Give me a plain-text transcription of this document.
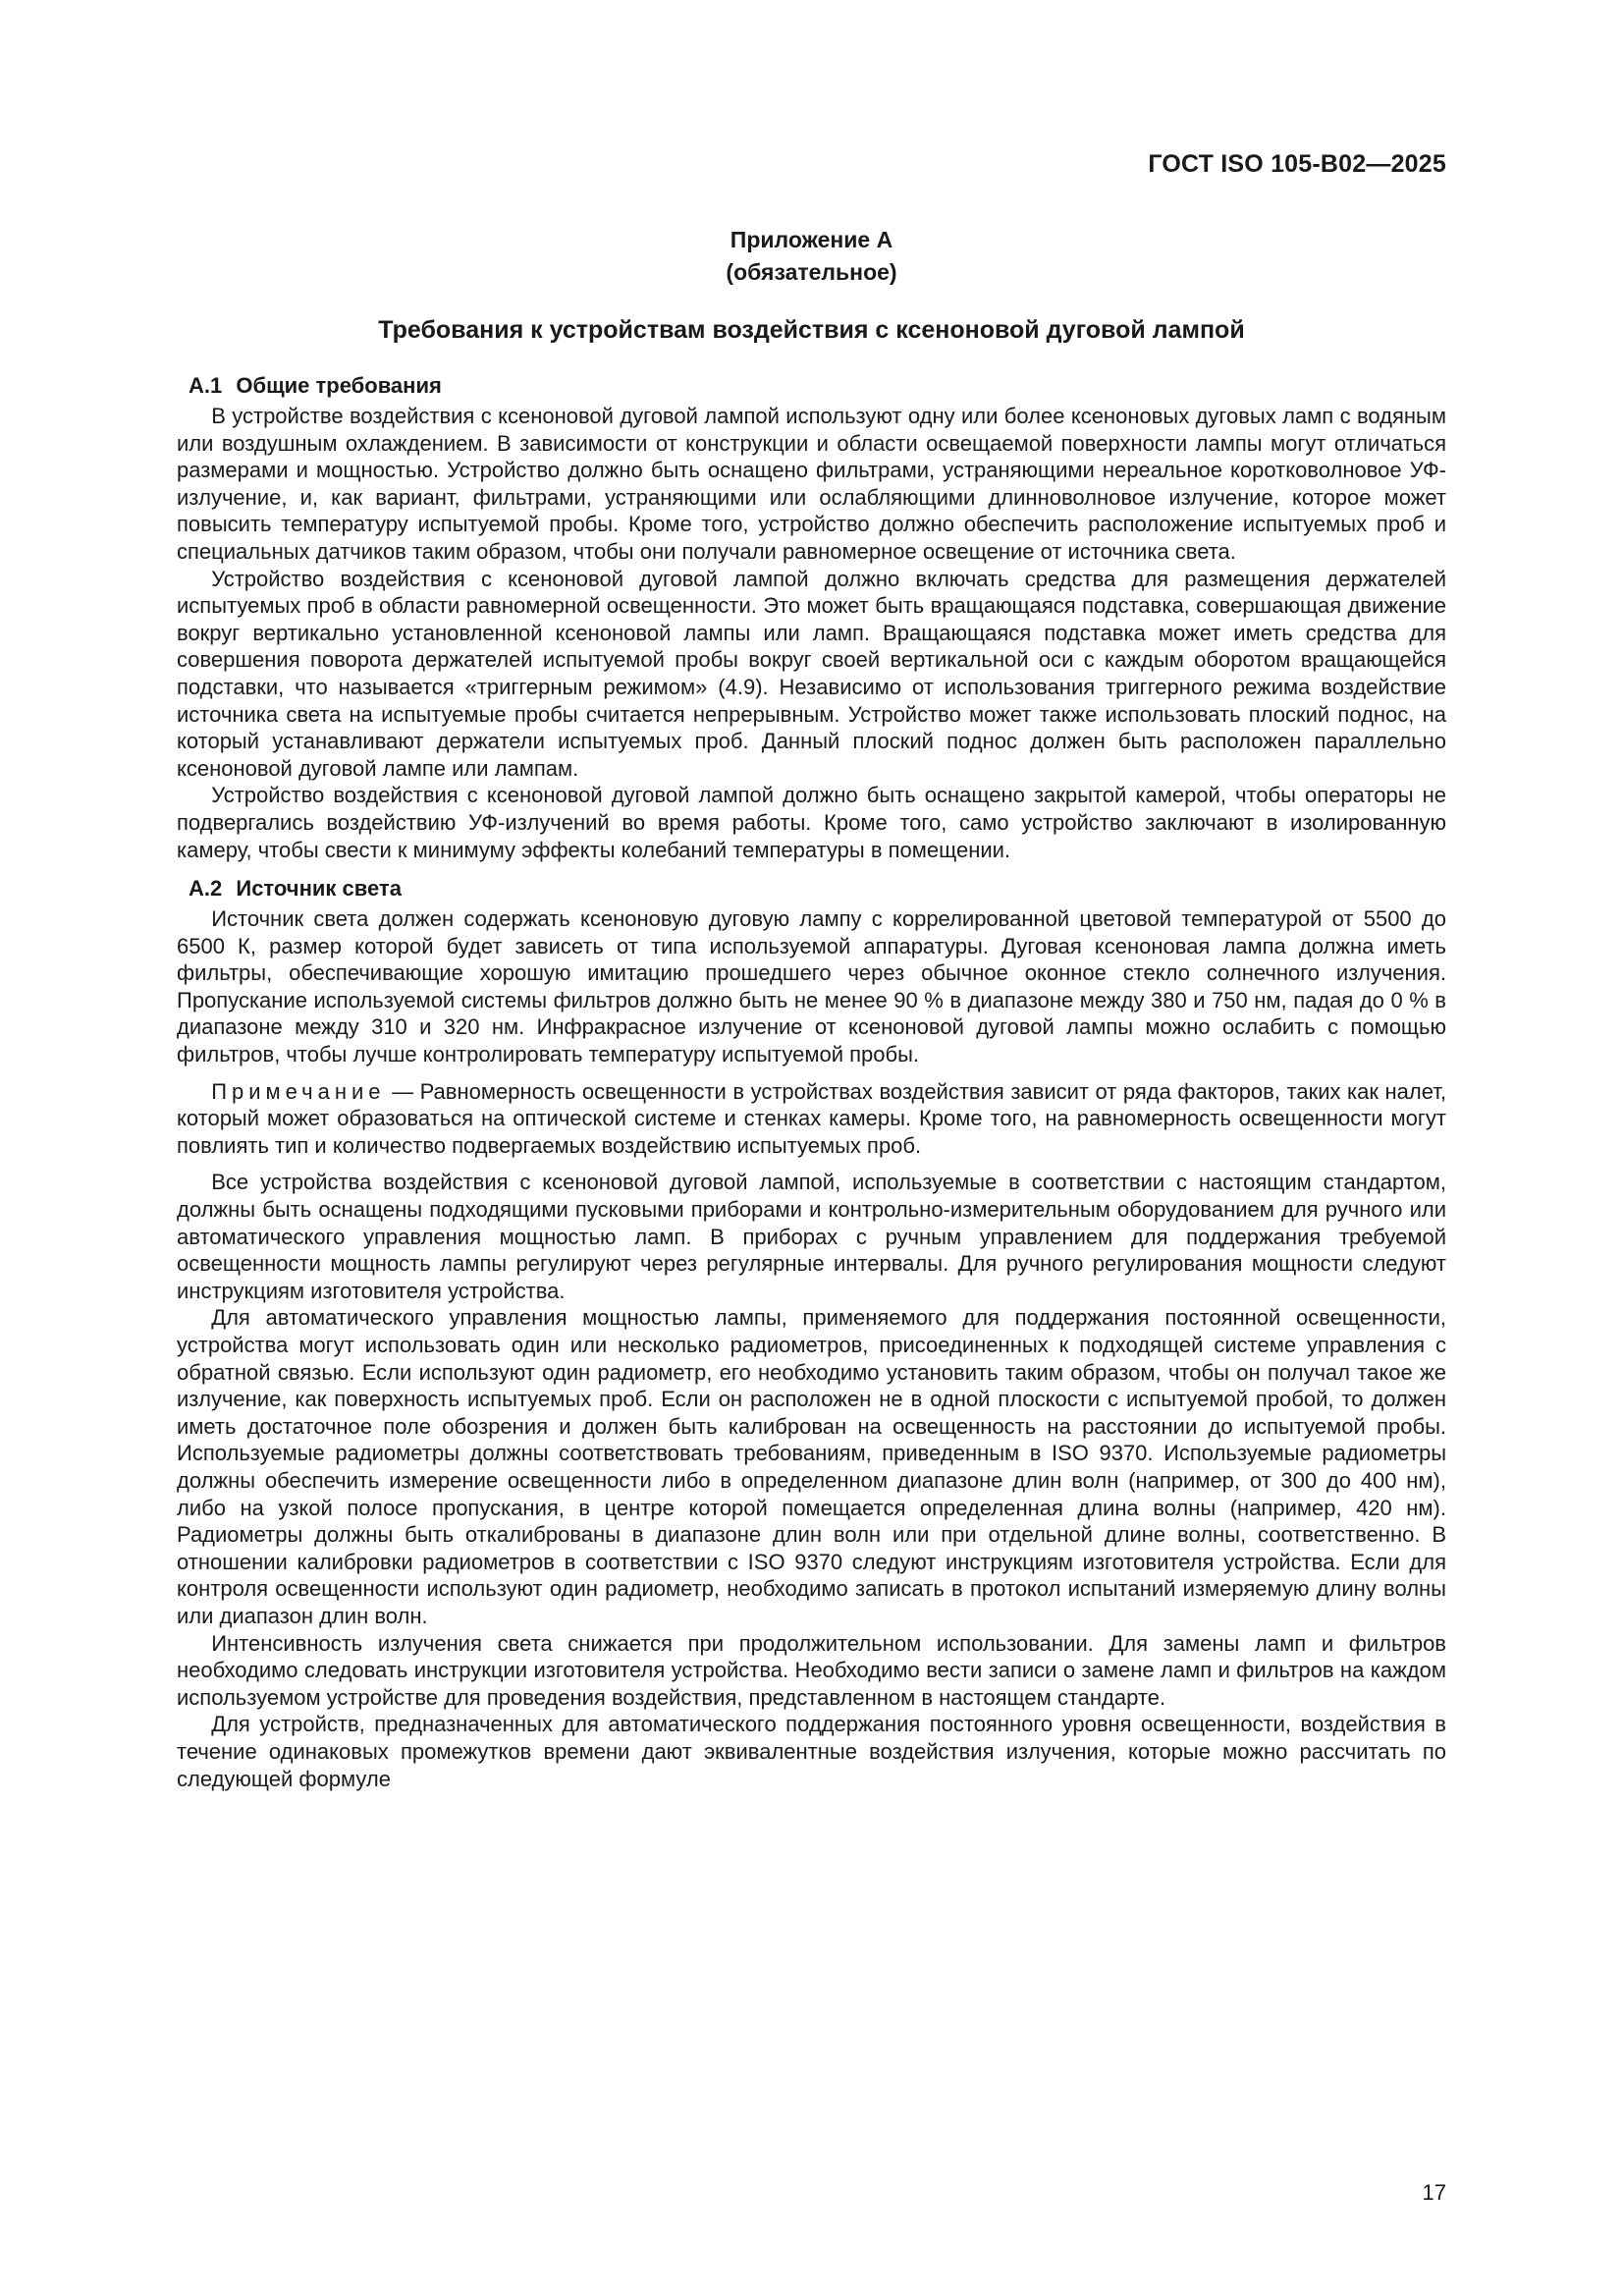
ГОСТ ISO 105-B02—2025
Приложение А
(обязательное)
Требования к устройствам воздействия с ксеноновой дуговой лампой
А.1 Общие требования

В устройстве воздействия с ксеноновой дуговой лампой используют одну или более ксеноновых дуговых ламп с водяным или воздушным охлаждением. В зависимости от конструкции и области освещаемой поверхности лампы могут отличаться размерами и мощностью. Устройство должно быть оснащено фильтрами, устраняющими нереальное коротковолновое УФ-излучение, и, как вариант, фильтрами, устраняющими или ослабляющими длинноволновое излучение, которое может повысить температуру испытуемой пробы. Кроме того, устройство должно обеспечить расположение испытуемых проб и специальных датчиков таким образом, чтобы они получали равномерное освещение от источника света.

Устройство воздействия с ксеноновой дуговой лампой должно включать средства для размещения держателей испытуемых проб в области равномерной освещенности. Это может быть вращающаяся подставка, совершающая движение вокруг вертикально установленной ксеноновой лампы или ламп. Вращающаяся подставка может иметь средства для совершения поворота держателей испытуемой пробы вокруг своей вертикальной оси с каждым оборотом вращающейся подставки, что называется «триггерным режимом» (4.9). Независимо от использования триггерного режима воздействие источника света на испытуемые пробы считается непрерывным. Устройство может также использовать плоский поднос, на который устанавливают держатели испытуемых проб. Данный плоский поднос должен быть расположен параллельно ксеноновой дуговой лампе или лампам.

Устройство воздействия с ксеноновой дуговой лампой должно быть оснащено закрытой камерой, чтобы операторы не подвергались воздействию УФ-излучений во время работы. Кроме того, само устройство заключают в изолированную камеру, чтобы свести к минимуму эффекты колебаний температуры в помещении.

А.2 Источник света

Источник света должен содержать ксеноновую дуговую лампу с коррелированной цветовой температурой от 5500 до 6500 К, размер которой будет зависеть от типа используемой аппаратуры. Дуговая ксеноновая лампа должна иметь фильтры, обеспечивающие хорошую имитацию прошедшего через обычное оконное стекло солнечного излучения. Пропускание используемой системы фильтров должно быть не менее 90 % в диапазоне между 380 и 750 нм, падая до 0 % в диапазоне между 310 и 320 нм. Инфракрасное излучение от ксеноновой дуговой лампы можно ослабить с помощью фильтров, чтобы лучше контролировать температуру испытуемой пробы.

Примечание — Равномерность освещенности в устройствах воздействия зависит от ряда факторов, таких как налет, который может образоваться на оптической системе и стенках камеры. Кроме того, на равномерность освещенности могут повлиять тип и количество подвергаемых воздействию испытуемых проб.

Все устройства воздействия с ксеноновой дуговой лампой, используемые в соответствии с настоящим стандартом, должны быть оснащены подходящими пусковыми приборами и контрольно-измерительным оборудованием для ручного или автоматического управления мощностью ламп. В приборах с ручным управлением для поддержания требуемой освещенности мощность лампы регулируют через регулярные интервалы. Для ручного регулирования мощности следуют инструкциям изготовителя устройства.

Для автоматического управления мощностью лампы, применяемого для поддержания постоянной освещенности, устройства могут использовать один или несколько радиометров, присоединенных к подходящей системе управления с обратной связью. Если используют один радиометр, его необходимо установить таким образом, чтобы он получал такое же излучение, как поверхность испытуемых проб. Если он расположен не в одной плоскости с испытуемой пробой, то должен иметь достаточное поле обозрения и должен быть калиброван на освещенность на расстоянии до испытуемой пробы. Используемые радиометры должны соответствовать требованиям, приведенным в ISO 9370. Используемые радиометры должны обеспечить измерение освещенности либо в определенном диапазоне длин волн (например, от 300 до 400 нм), либо на узкой полосе пропускания, в центре которой помещается определенная длина волны (например, 420 нм). Радиометры должны быть откалиброваны в диапазоне длин волн или при отдельной длине волны, соответственно. В отношении калибровки радиометров в соответствии с ISO 9370 следуют инструкциям изготовителя устройства. Если для контроля освещенности используют один радиометр, необходимо записать в протокол испытаний измеряемую длину волны или диапазон длин волн.

Интенсивность излучения света снижается при продолжительном использовании. Для замены ламп и фильтров необходимо следовать инструкции изготовителя устройства. Необходимо вести записи о замене ламп и фильтров на каждом используемом устройстве для проведения воздействия, представленном в настоящем стандарте.

Для устройств, предназначенных для автоматического поддержания постоянного уровня освещенности, воздействия в течение одинаковых промежутков времени дают эквивалентные воздействия излучения, которые можно рассчитать по следующей формуле

17
